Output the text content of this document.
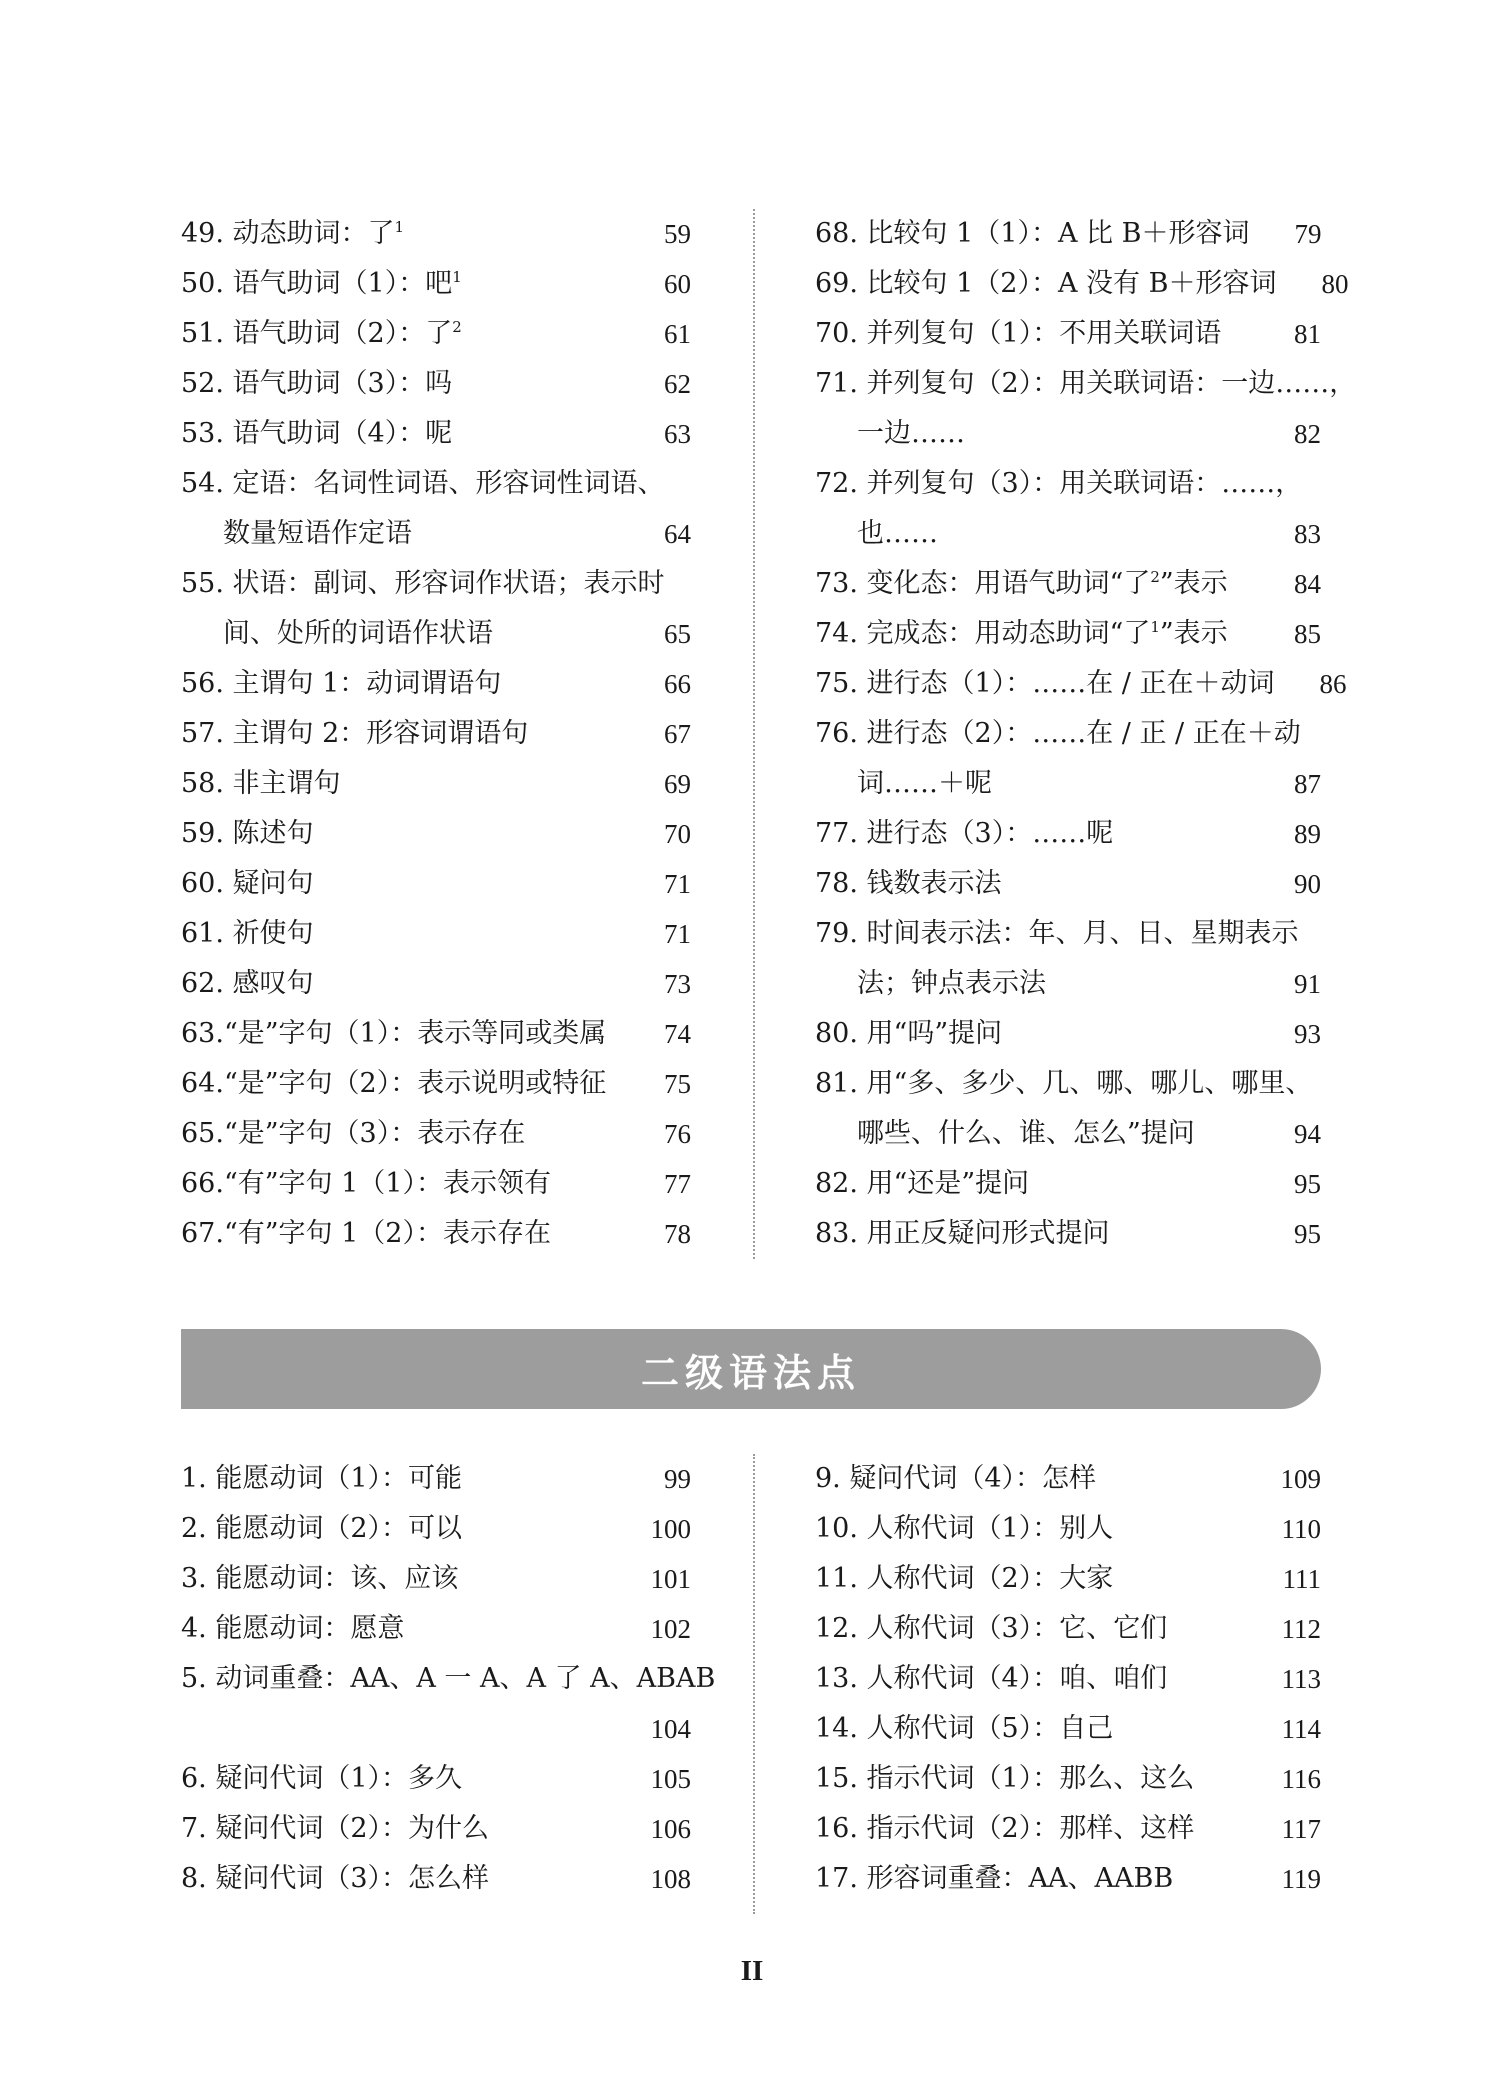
49. 动态助词：了$^1$	59
50. 语气助词（1）：吧$^1$	60
51. 语气助词（2）：了$^2$	61
52. 语气助词（3）：吗	62
53. 语气助词（4）：呢	63
54. 定语：名词性词语、形容词性词语、
数量短语作定语	64
55. 状语：副词、形容词作状语；表示时
间、处所的词语作状语	65
56. 主谓句 1：动词谓语句	66
57. 主谓句 2：形容词谓语句	67
58. 非主谓句	69
59. 陈述句	70
60. 疑问句	71
61. 祈使句	71
62. 感叹句	73
63.“是”字句（1）：表示等同或类属	74
64.“是”字句（2）：表示说明或特征	75
65.“是”字句（3）：表示存在	76
66.“有”字句 1（1）：表示领有	77
67.“有”字句 1（2）：表示存在	78
68. 比较句 1（1）：A 比 B＋形容词	79
69. 比较句 1（2）：A 没有 B＋形容词	80
70. 并列复句（1）：不用关联词语	81
71. 并列复句（2）：用关联词语：一边……，
一边……	82
72. 并列复句（3）：用关联词语：……，
也……	83
73. 变化态：用语气助词“了$^2$”表示	84
74. 完成态：用动态助词“了$^1$”表示	85
75. 进行态（1）：……在 / 正在＋动词	86
76. 进行态（2）：……在 / 正 / 正在＋动
词……＋呢	87
77. 进行态（3）：……呢	89
78. 钱数表示法	90
79. 时间表示法：年、月、日、星期表示
法；钟点表示法	91
80. 用“吗”提问	93
81. 用“多、多少、几、哪、哪儿、哪里、
哪些、什么、谁、怎么”提问	94
82. 用“还是”提问	95
83. 用正反疑问形式提问	95
二级语法点
1. 能愿动词（1）：可能	99
2. 能愿动词（2）：可以	100
3. 能愿动词：该、应该	101
4. 能愿动词：愿意	102
5. 动词重叠：AA、A 一 A、A 了 A、ABAB
104
6. 疑问代词（1）：多久	105
7. 疑问代词（2）：为什么	106
8. 疑问代词（3）：怎么样	108
9. 疑问代词（4）：怎样	109
10. 人称代词（1）：别人	110
11. 人称代词（2）：大家	111
12. 人称代词（3）：它、它们	112
13. 人称代词（4）：咱、咱们	113
14. 人称代词（5）：自己	114
15. 指示代词（1）：那么、这么	116
16. 指示代词（2）：那样、这样	117
17. 形容词重叠：AA、AABB	119
II
